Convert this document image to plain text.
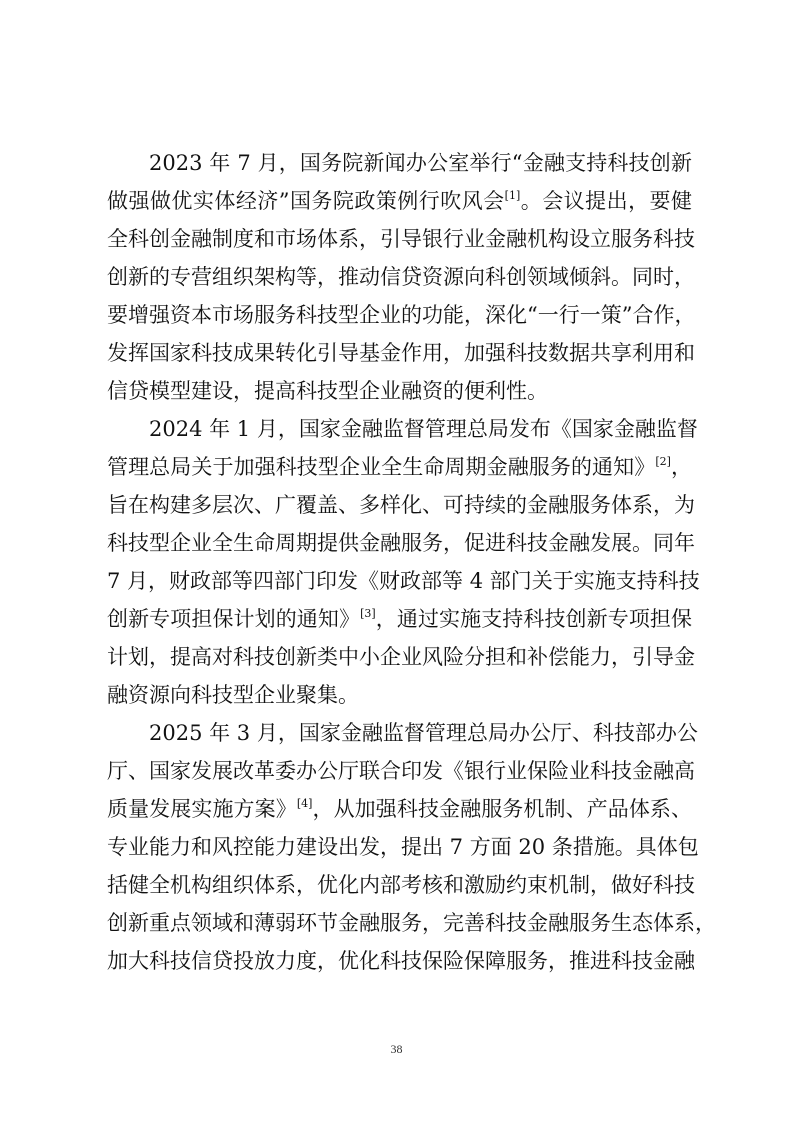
2023 年 7 月，国务院新闻办公室举行“金融支持科技创新
做强做优实体经济”国务院政策例行吹风会[1]。会议提出，要健
全科创金融制度和市场体系，引导银行业金融机构设立服务科技
创新的专营组织架构等，推动信贷资源向科创领域倾斜。同时，
要增强资本市场服务科技型企业的功能，深化“一行一策”合作，
发挥国家科技成果转化引导基金作用，加强科技数据共享利用和
信贷模型建设，提高科技型企业融资的便利性。
2024 年 1 月，国家金融监督管理总局发布《国家金融监督
管理总局关于加强科技型企业全生命周期金融服务的通知》[2]，
旨在构建多层次、广覆盖、多样化、可持续的金融服务体系，为
科技型企业全生命周期提供金融服务，促进科技金融发展。同年
7 月，财政部等四部门印发《财政部等 4 部门关于实施支持科技
创新专项担保计划的通知》[3]，通过实施支持科技创新专项担保
计划，提高对科技创新类中小企业风险分担和补偿能力，引导金
融资源向科技型企业聚集。
2025 年 3 月，国家金融监督管理总局办公厅、科技部办公
厅、国家发展改革委办公厅联合印发《银行业保险业科技金融高
质量发展实施方案》[4]，从加强科技金融服务机制、产品体系、
专业能力和风控能力建设出发，提出 7 方面 20 条措施。具体包
括健全机构组织体系，优化内部考核和激励约束机制，做好科技
创新重点领域和薄弱环节金融服务，完善科技金融服务生态体系，
加大科技信贷投放力度，优化科技保险保障服务，推进科技金融
38
